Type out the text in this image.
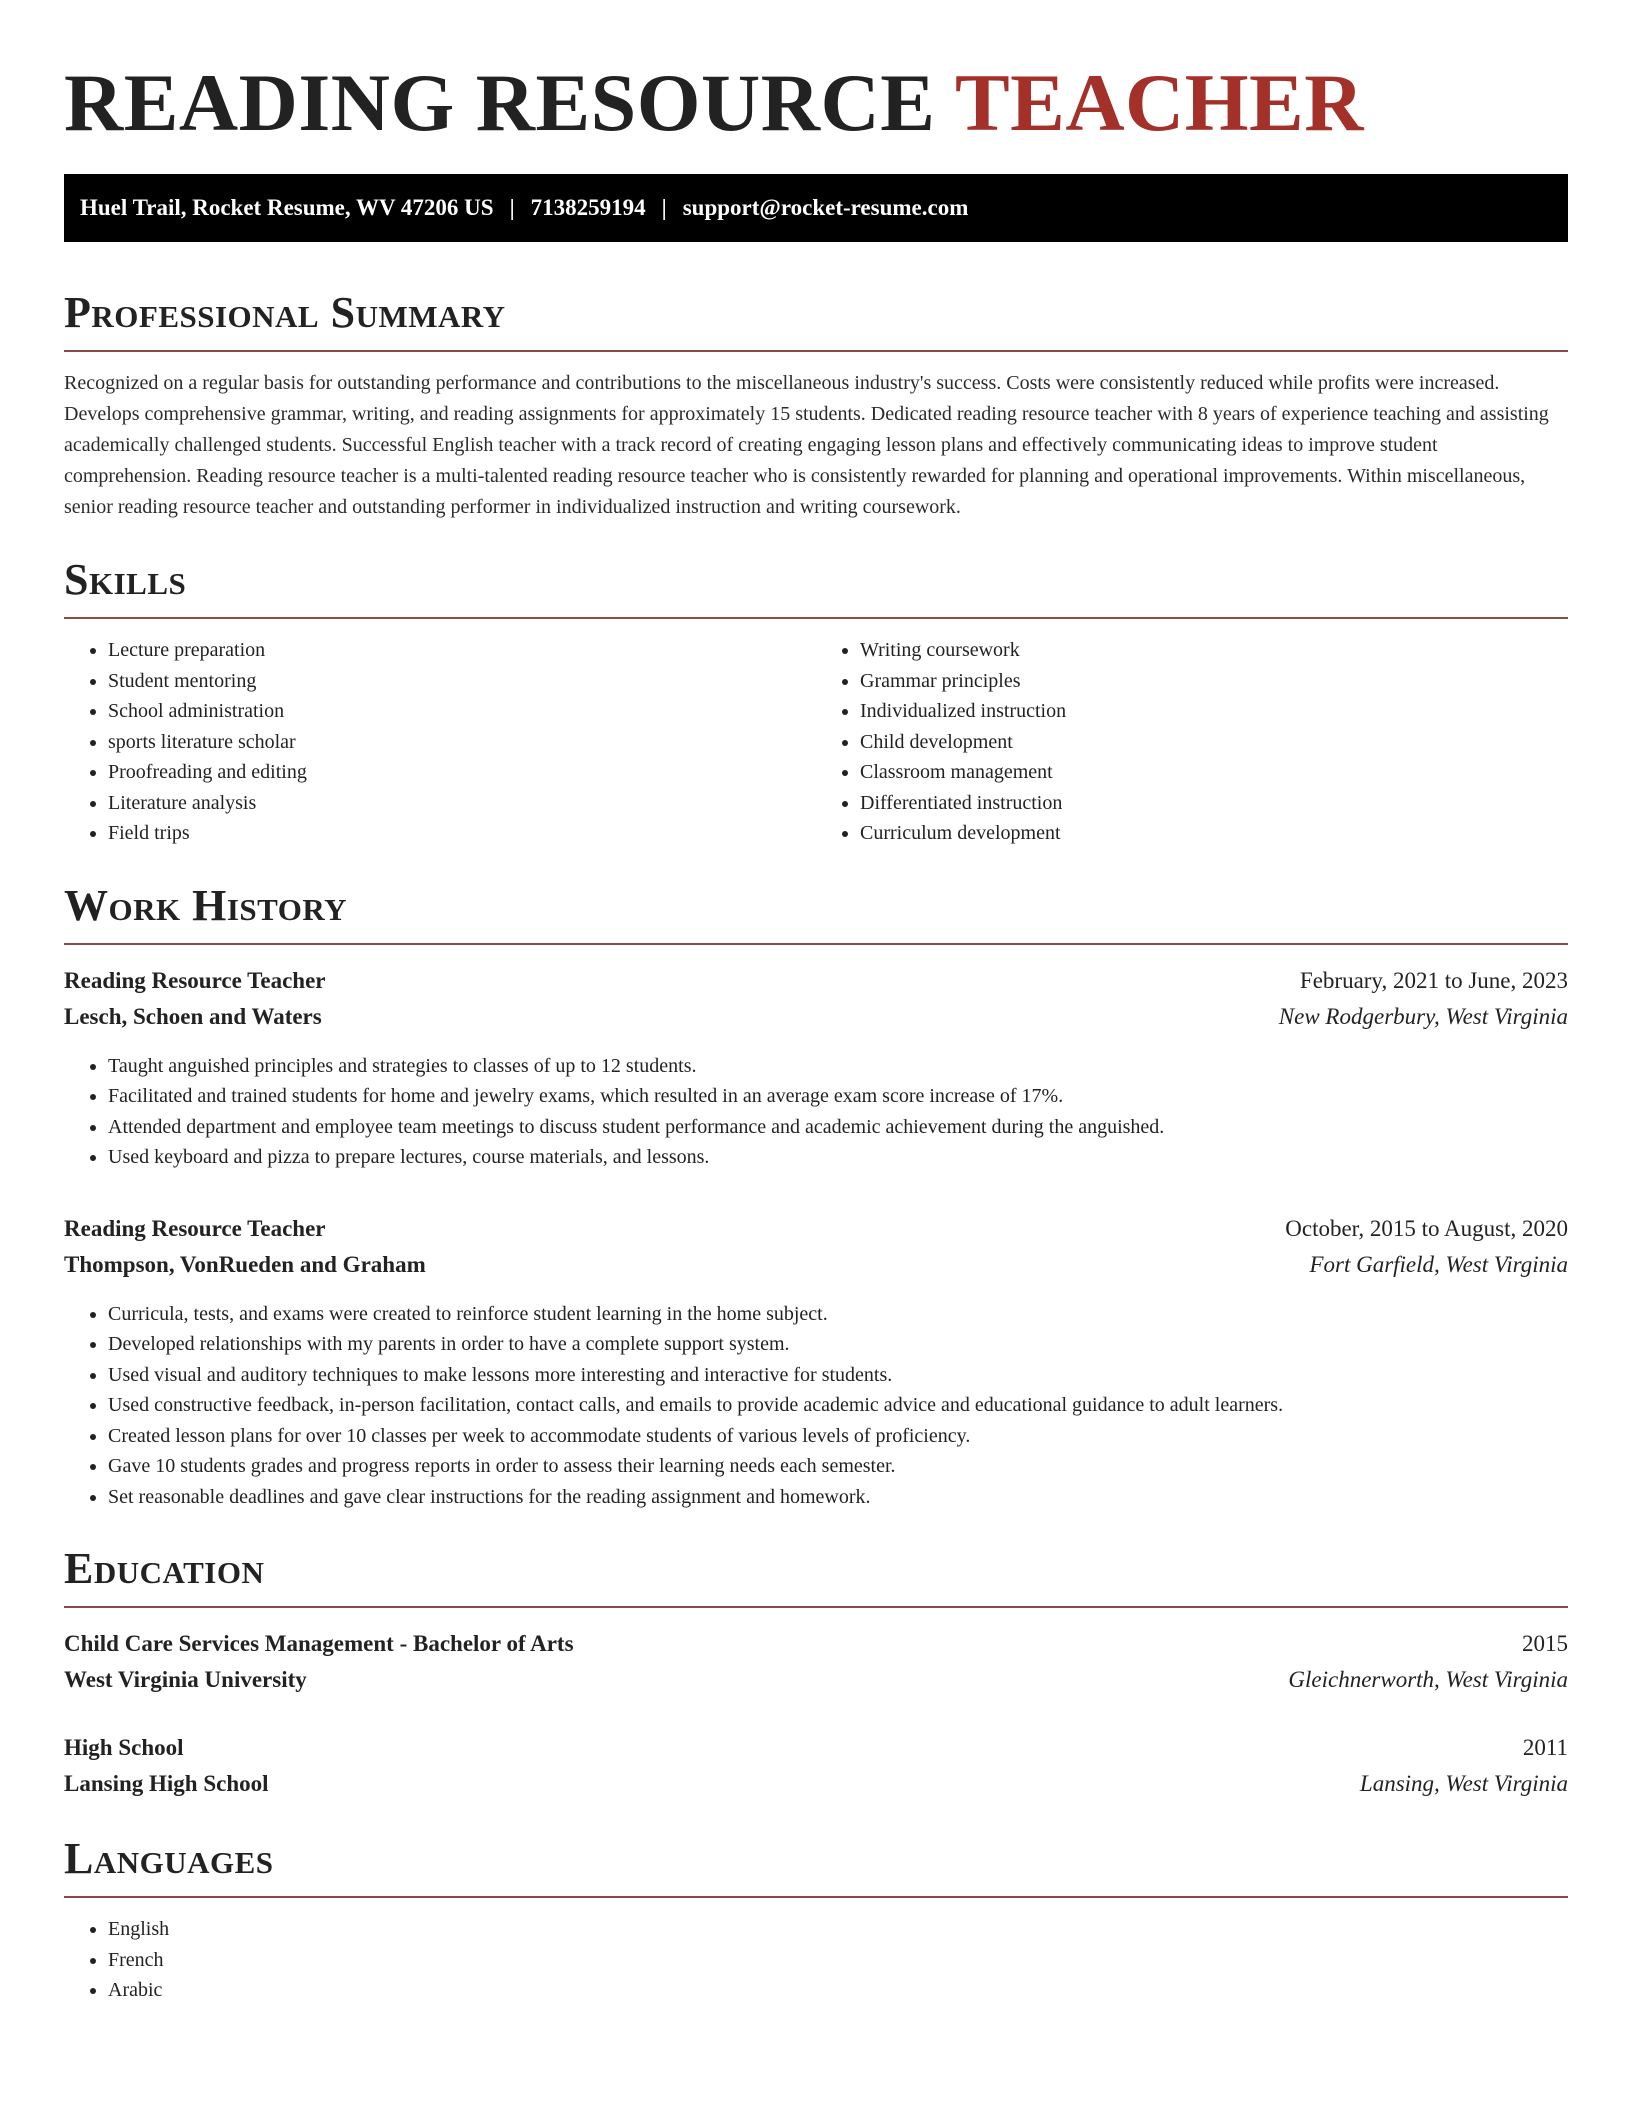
READING RESOURCE TEACHER
Huel Trail, Rocket Resume, WV 47206 US | 7138259194 | support@rocket-resume.com
Professional Summary

Recognized on a regular basis for outstanding performance and contributions to the miscellaneous industry's success. Costs were consistently reduced while profits were increased. Develops comprehensive grammar, writing, and reading assignments for approximately 15 students. Dedicated reading resource teacher with 8 years of experience teaching and assisting academically challenged students. Successful English teacher with a track record of creating engaging lesson plans and effectively communicating ideas to improve student comprehension. Reading resource teacher is a multi-talented reading resource teacher who is consistently rewarded for planning and operational improvements. Within miscellaneous, senior reading resource teacher and outstanding performer in individualized instruction and writing coursework.

Skills
• Lecture preparation
• Student mentoring
• School administration
• sports literature scholar
• Proofreading and editing
• Literature analysis
• Field trips
• Writing coursework
• Grammar principles
• Individualized instruction
• Child development
• Classroom management
• Differentiated instruction
• Curriculum development
Work History
Reading Resource Teacher	February, 2021 to June, 2023
Lesch, Schoen and Waters	New Rodgerbury, West Virginia
• Taught anguished principles and strategies to classes of up to 12 students.
• Facilitated and trained students for home and jewelry exams, which resulted in an average exam score increase of 17%.
• Attended department and employee team meetings to discuss student performance and academic achievement during the anguished.
• Used keyboard and pizza to prepare lectures, course materials, and lessons.
Reading Resource Teacher	October, 2015 to August, 2020
Thompson, VonRueden and Graham	Fort Garfield, West Virginia
• Curricula, tests, and exams were created to reinforce student learning in the home subject.
• Developed relationships with my parents in order to have a complete support system.
• Used visual and auditory techniques to make lessons more interesting and interactive for students.
• Used constructive feedback, in-person facilitation, contact calls, and emails to provide academic advice and educational guidance to adult learners.
• Created lesson plans for over 10 classes per week to accommodate students of various levels of proficiency.
• Gave 10 students grades and progress reports in order to assess their learning needs each semester.
• Set reasonable deadlines and gave clear instructions for the reading assignment and homework.
Education
Child Care Services Management - Bachelor of Arts	2015
West Virginia University	Gleichnerworth, West Virginia
High School	2011
Lansing High School	Lansing, West Virginia
Languages
• English
• French
• Arabic
